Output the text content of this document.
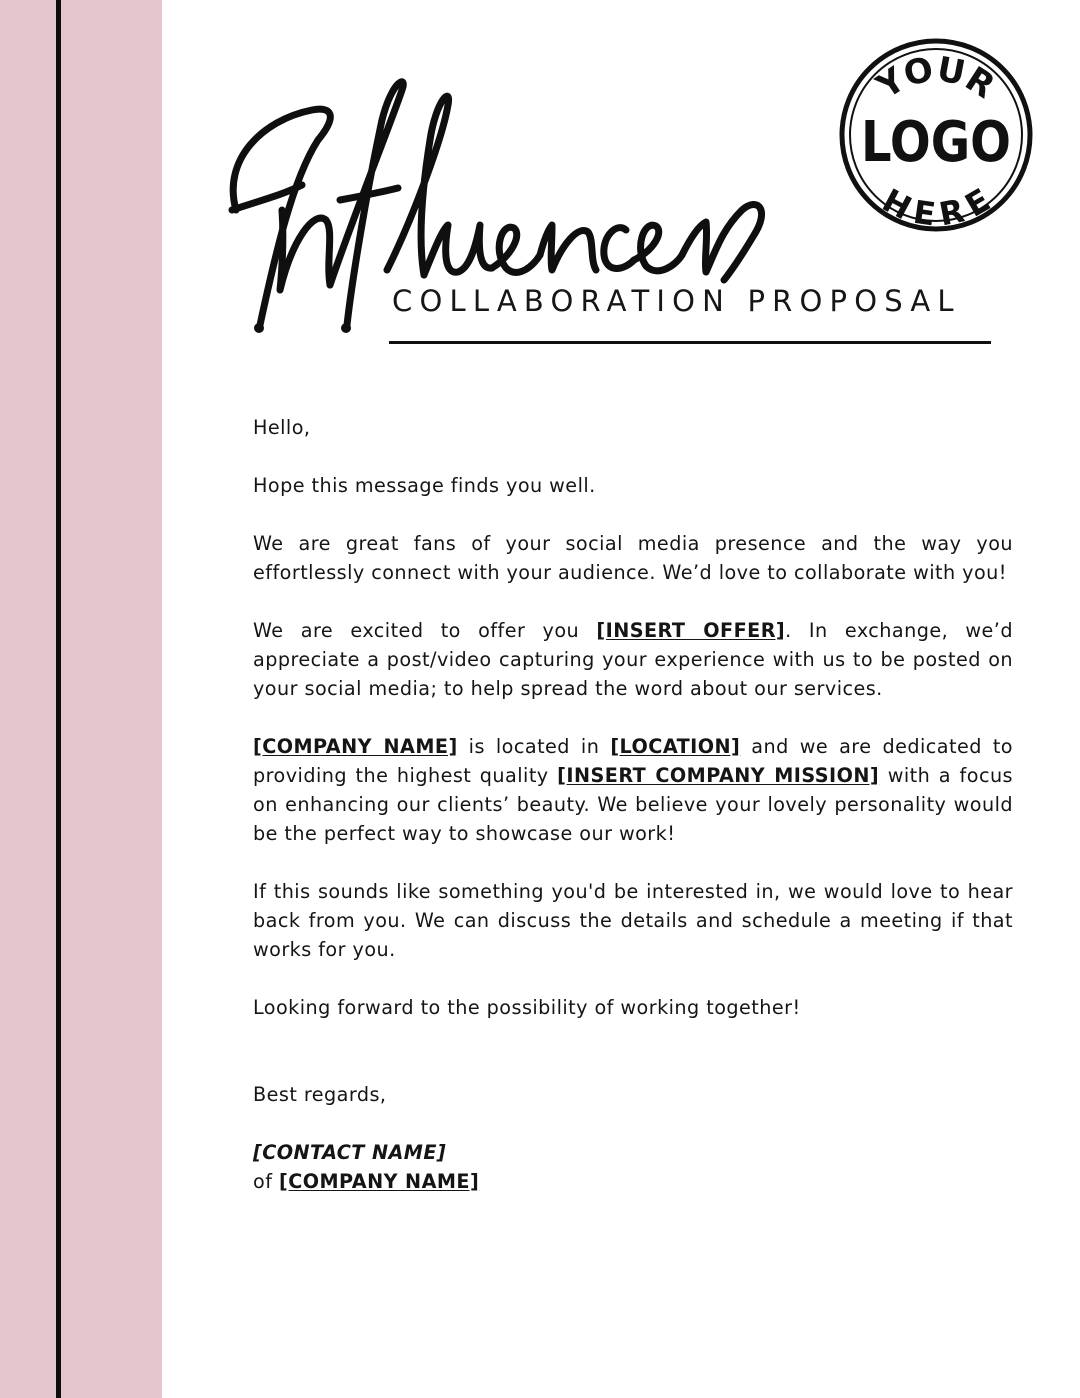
COLLABORATION PROPOSAL
YOUR
LOGO
HERE

Hello,

Hope this message finds you well.

We are great fans of your social media presence and the way you effortlessly connect with your audience. We’d love to collaborate with you!

We are excited to offer you [INSERT OFFER]. In exchange, we’d appreciate a post/video capturing your experience with us to be posted on your social media; to help spread the word about our services.

[COMPANY NAME] is located in [LOCATION] and we are dedicated to providing the highest quality [INSERT COMPANY MISSION] with a focus on enhancing our clients’ beauty. We believe your lovely personality would be the perfect way to showcase our work!

If this sounds like something you'd be interested in, we would love to hear back from you. We can discuss the details and schedule a meeting if that works for you.

Looking forward to the possibility of working together!

Best regards,

[CONTACT NAME]

of [COMPANY NAME]
